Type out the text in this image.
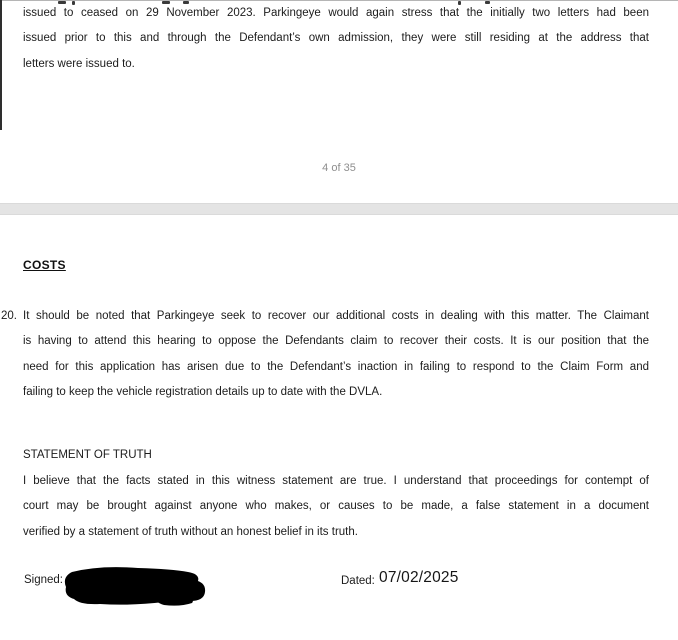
issued to ceased on 29 November 2023. Parkingeye would again stress that the initially two letters had been
issued prior to this and through the Defendant’s own admission, they were still residing at the address that
letters were issued to.
4 of 35
COSTS
20. It should be noted that Parkingeye seek to recover our additional costs in dealing with this matter. The Claimant
is having to attend this hearing to oppose the Defendants claim to recover their costs. It is our position that the
need for this application has arisen due to the Defendant’s inaction in failing to respond to the Claim Form and
failing to keep the vehicle registration details up to date with the DVLA.
STATEMENT OF TRUTH
I believe that the facts stated in this witness statement are true. I understand that proceedings for contempt of
court may be brought against anyone who makes, or causes to be made, a false statement in a document
verified by a statement of truth without an honest belief in its truth.
Signed:	Dated: 07/02/2025
